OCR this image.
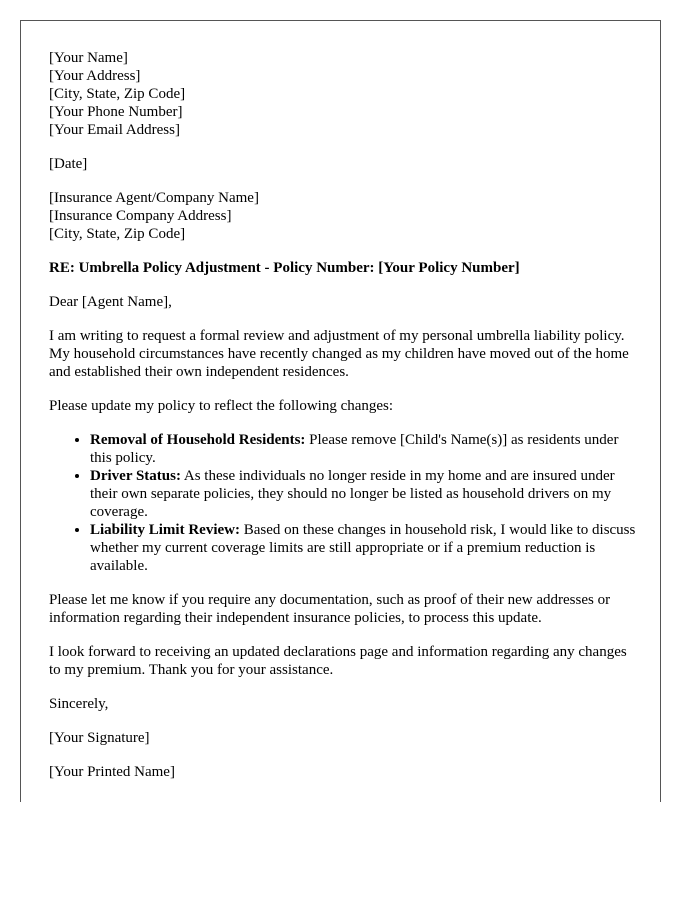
[Your Name]
[Your Address]
[City, State, Zip Code]
[Your Phone Number]
[Your Email Address]

[Date]

[Insurance Agent/Company Name]
[Insurance Company Address]
[City, State, Zip Code]

RE: Umbrella Policy Adjustment - Policy Number: [Your Policy Number]

Dear [Agent Name],

I am writing to request a formal review and adjustment of my personal umbrella liability policy. My household circumstances have recently changed as my children have moved out of the home and established their own independent residences.

Please update my policy to reflect the following changes:

• Removal of Household Residents: Please remove [Child's Name(s)] as residents under this policy.
• Driver Status: As these individuals no longer reside in my home and are insured under their own separate policies, they should no longer be listed as household drivers on my coverage.
• Liability Limit Review: Based on these changes in household risk, I would like to discuss whether my current coverage limits are still appropriate or if a premium reduction is available.

Please let me know if you require any documentation, such as proof of their new addresses or information regarding their independent insurance policies, to process this update.

I look forward to receiving an updated declarations page and information regarding any changes to my premium. Thank you for your assistance.

Sincerely,

[Your Signature]

[Your Printed Name]
